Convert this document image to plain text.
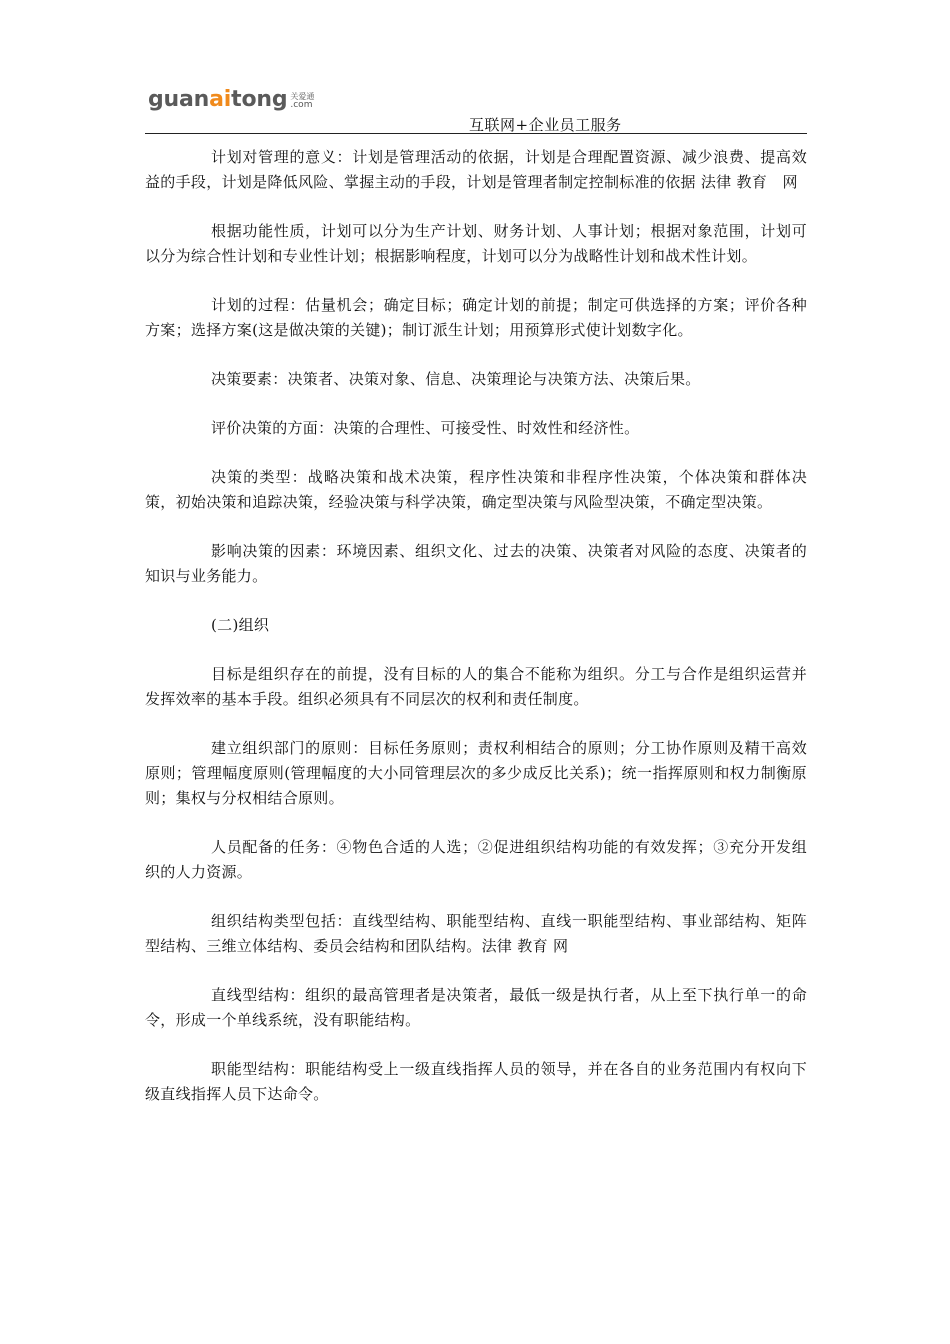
guanaitong 关爱通
.com
互联网+企业员工服务

计划对管理的意义：计划是管理活动的依据，计划是合理配置资源、减少浪费、提高效益的手段，计划是降低风险、掌握主动的手段，计划是管理者制定控制标准的依据 法律 教育　网

根据功能性质，计划可以分为生产计划、财务计划、人事计划；根据对象范围，计划可以分为综合性计划和专业性计划；根据影响程度，计划可以分为战略性计划和战术性计划。

计划的过程：估量机会；确定目标；确定计划的前提；制定可供选择的方案；评价各种方案；选择方案(这是做决策的关键)；制订派生计划；用预算形式使计划数字化。

决策要素：决策者、决策对象、信息、决策理论与决策方法、决策后果。

评价决策的方面：决策的合理性、可接受性、时效性和经济性。

决策的类型：战略决策和战术决策，程序性决策和非程序性决策，个体决策和群体决策，初始决策和追踪决策，经验决策与科学决策，确定型决策与风险型决策，不确定型决策。

影响决策的因素：环境因素、组织文化、过去的决策、决策者对风险的态度、决策者的知识与业务能力。

(二)组织

目标是组织存在的前提，没有目标的人的集合不能称为组织。分工与合作是组织运营并发挥效率的基本手段。组织必须具有不同层次的权利和责任制度。

建立组织部门的原则：目标任务原则；责权利相结合的原则；分工协作原则及精干高效原则；管理幅度原则(管理幅度的大小同管理层次的多少成反比关系)；统一指挥原则和权力制衡原则；集权与分权相结合原则。

人员配备的任务：④物色合适的人选；②促进组织结构功能的有效发挥；③充分开发组织的人力资源。

组织结构类型包括：直线型结构、职能型结构、直线一职能型结构、事业部结构、矩阵型结构、三维立体结构、委员会结构和团队结构。法律 教育 网

直线型结构：组织的最高管理者是决策者，最低一级是执行者，从上至下执行单一的命令，形成一个单线系统，没有职能结构。

职能型结构：职能结构受上一级直线指挥人员的领导，并在各自的业务范围内有权向下级直线指挥人员下达命令。
